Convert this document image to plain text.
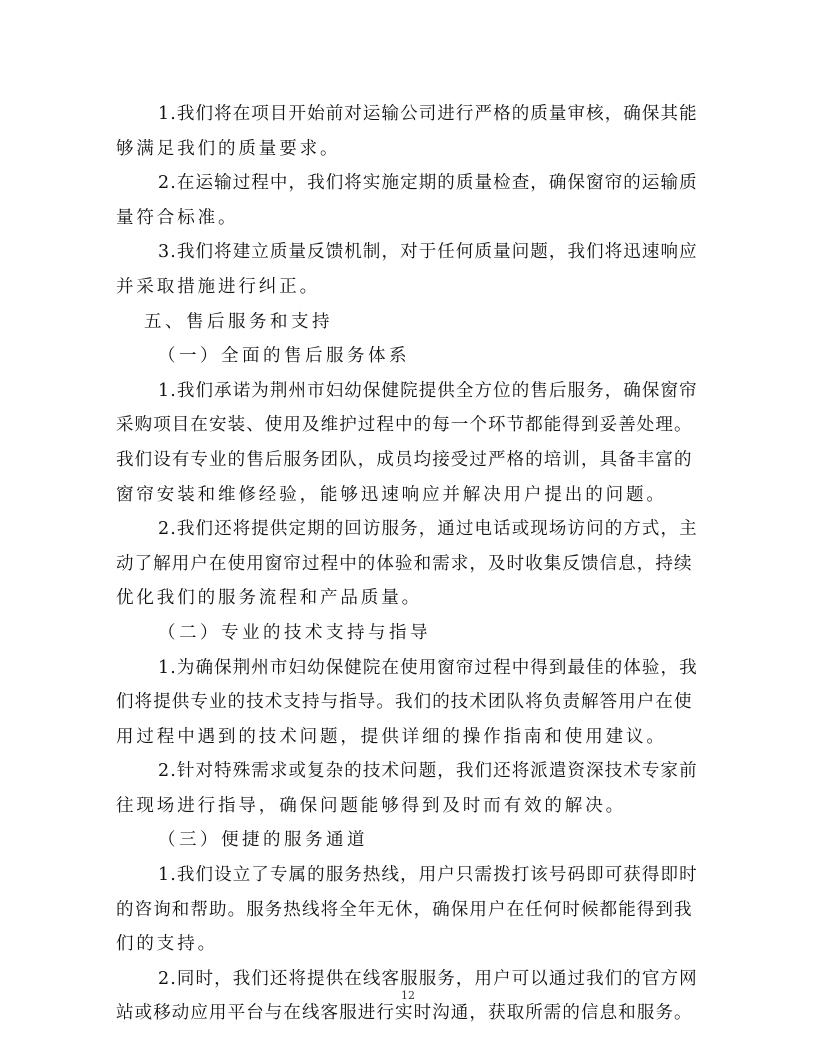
1.我们将在项目开始前对运输公司进行严格的质量审核，确保其能
够满足我们的质量要求。
2.在运输过程中，我们将实施定期的质量检查，确保窗帘的运输质
量符合标准。
3.我们将建立质量反馈机制，对于任何质量问题，我们将迅速响应
并采取措施进行纠正。
五、售后服务和支持
（一）全面的售后服务体系
1.我们承诺为荆州市妇幼保健院提供全方位的售后服务，确保窗帘
采购项目在安装、使用及维护过程中的每一个环节都能得到妥善处理。
我们设有专业的售后服务团队，成员均接受过严格的培训，具备丰富的
窗帘安装和维修经验，能够迅速响应并解决用户提出的问题。
2.我们还将提供定期的回访服务，通过电话或现场访问的方式，主
动了解用户在使用窗帘过程中的体验和需求，及时收集反馈信息，持续
优化我们的服务流程和产品质量。
（二）专业的技术支持与指导
1.为确保荆州市妇幼保健院在使用窗帘过程中得到最佳的体验，我
们将提供专业的技术支持与指导。我们的技术团队将负责解答用户在使
用过程中遇到的技术问题，提供详细的操作指南和使用建议。
2.针对特殊需求或复杂的技术问题，我们还将派遣资深技术专家前
往现场进行指导，确保问题能够得到及时而有效的解决。
（三）便捷的服务通道
1.我们设立了专属的服务热线，用户只需拨打该号码即可获得即时
的咨询和帮助。服务热线将全年无休，确保用户在任何时候都能得到我
们的支持。
2.同时，我们还将提供在线客服服务，用户可以通过我们的官方网
站或移动应用平台与在线客服进行实时沟通，获取所需的信息和服务。
12
